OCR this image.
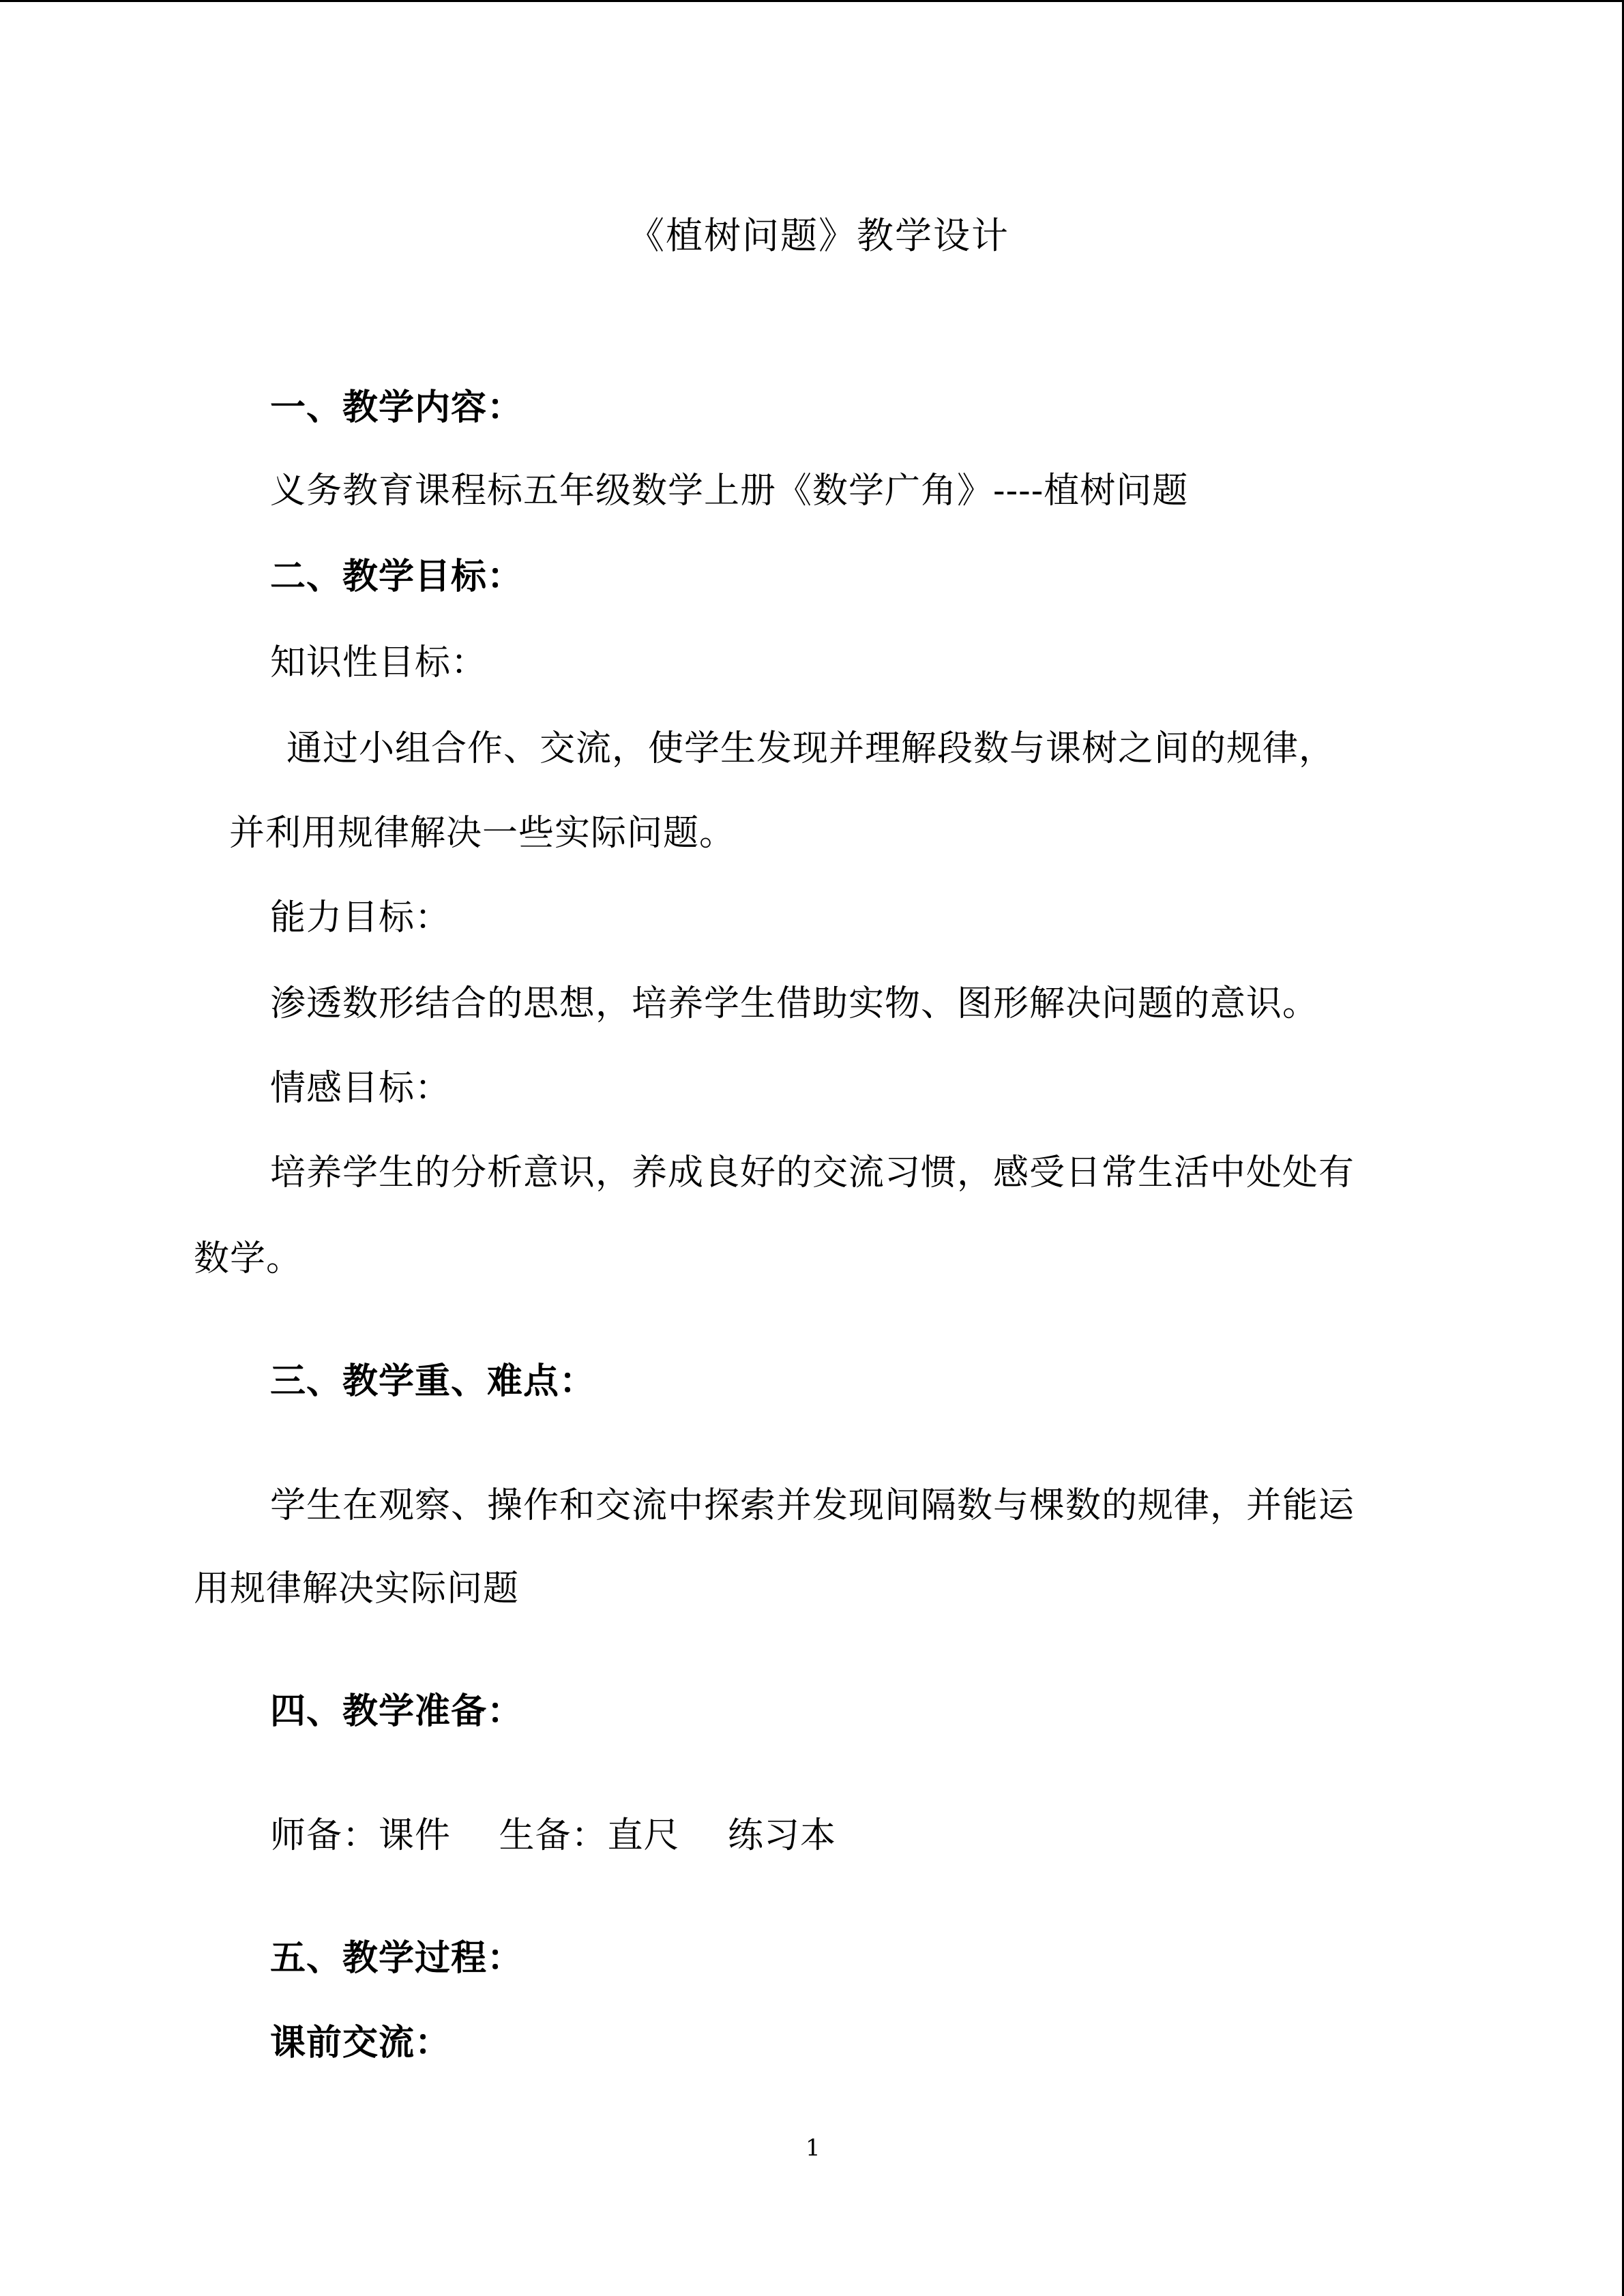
《植树问题》教学设计
一、教学内容：
义务教育课程标五年级数学上册《数学广角》----植树问题
二、教学目标：
知识性目标：
通过小组合作、交流，使学生发现并理解段数与课树之间的规律，
并利用规律解决一些实际问题。
能力目标：
渗透数形结合的思想，培养学生借助实物、图形解决问题的意识。
情感目标：
培养学生的分析意识，养成良好的交流习惯，感受日常生活中处处有
数学。
三、教学重、难点：
学生在观察、操作和交流中探索并发现间隔数与棵数的规律，并能运
用规律解决实际问题
四、教学准备：
师备：课件　 生备：直尺　 练习本
五、教学过程：
课前交流：
1
